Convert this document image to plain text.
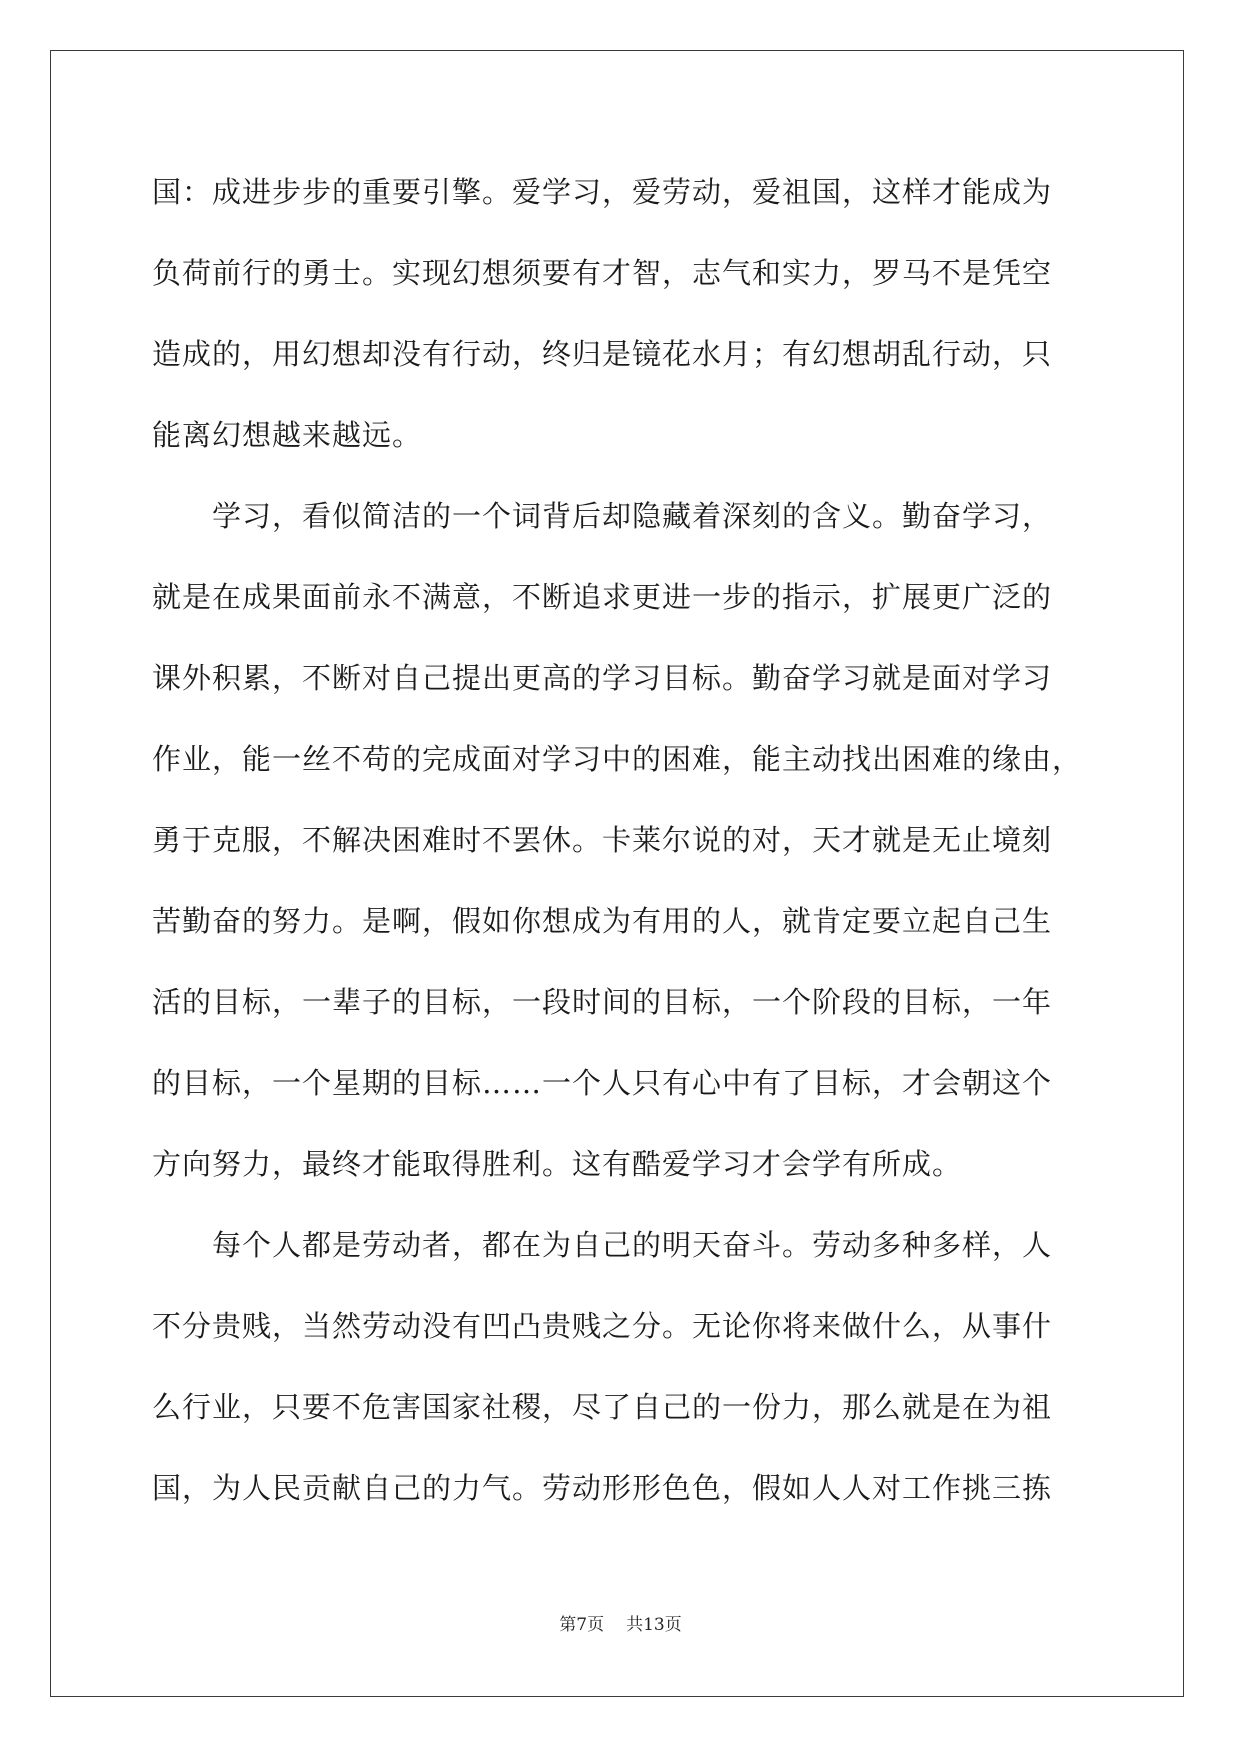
国：成进步步的重要引擎。爱学习，爱劳动，爱祖国，这样才能成为
负荷前行的勇士。实现幻想须要有才智，志气和实力，罗马不是凭空
造成的，用幻想却没有行动，终归是镜花水月；有幻想胡乱行动，只
能离幻想越来越远。
　　学习，看似简洁的一个词背后却隐藏着深刻的含义。勤奋学习，
就是在成果面前永不满意，不断追求更进一步的指示，扩展更广泛的
课外积累，不断对自己提出更高的学习目标。勤奋学习就是面对学习
作业，能一丝不苟的完成面对学习中的困难，能主动找出困难的缘由，
勇于克服，不解决困难时不罢休。卡莱尔说的对，天才就是无止境刻
苦勤奋的努力。是啊，假如你想成为有用的人，就肯定要立起自己生
活的目标，一辈子的目标，一段时间的目标，一个阶段的目标，一年
的目标，一个星期的目标……一个人只有心中有了目标，才会朝这个
方向努力，最终才能取得胜利。这有酷爱学习才会学有所成。
　　每个人都是劳动者，都在为自己的明天奋斗。劳动多种多样，人
不分贵贱，当然劳动没有凹凸贵贱之分。无论你将来做什么，从事什
么行业，只要不危害国家社稷，尽了自己的一份力，那么就是在为祖
国，为人民贡献自己的力气。劳动形形色色，假如人人对工作挑三拣
第7页 共13页
